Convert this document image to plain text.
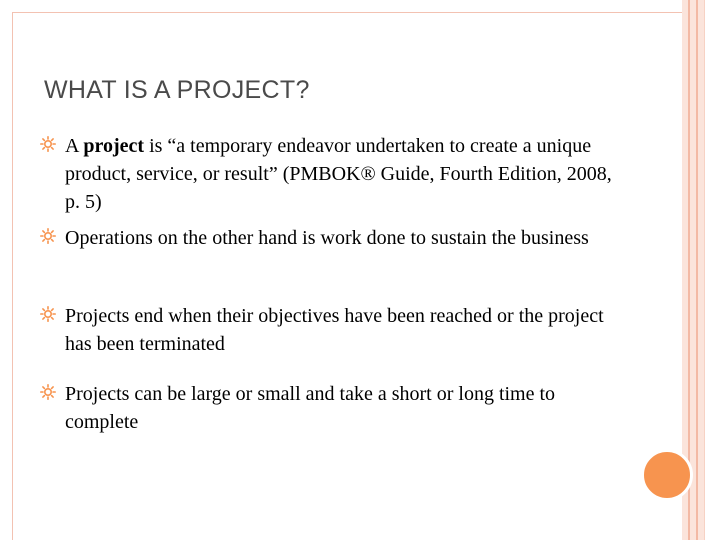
WHAT IS A PROJECT?
A project is “a temporary endeavor undertaken to create a unique product, service, or result” (PMBOK® Guide, Fourth Edition, 2008, p. 5)
Operations on the other hand is work done to sustain the business
Projects end when their objectives have been reached or the project has been terminated
Projects can be large or small and take a short or long time to complete
